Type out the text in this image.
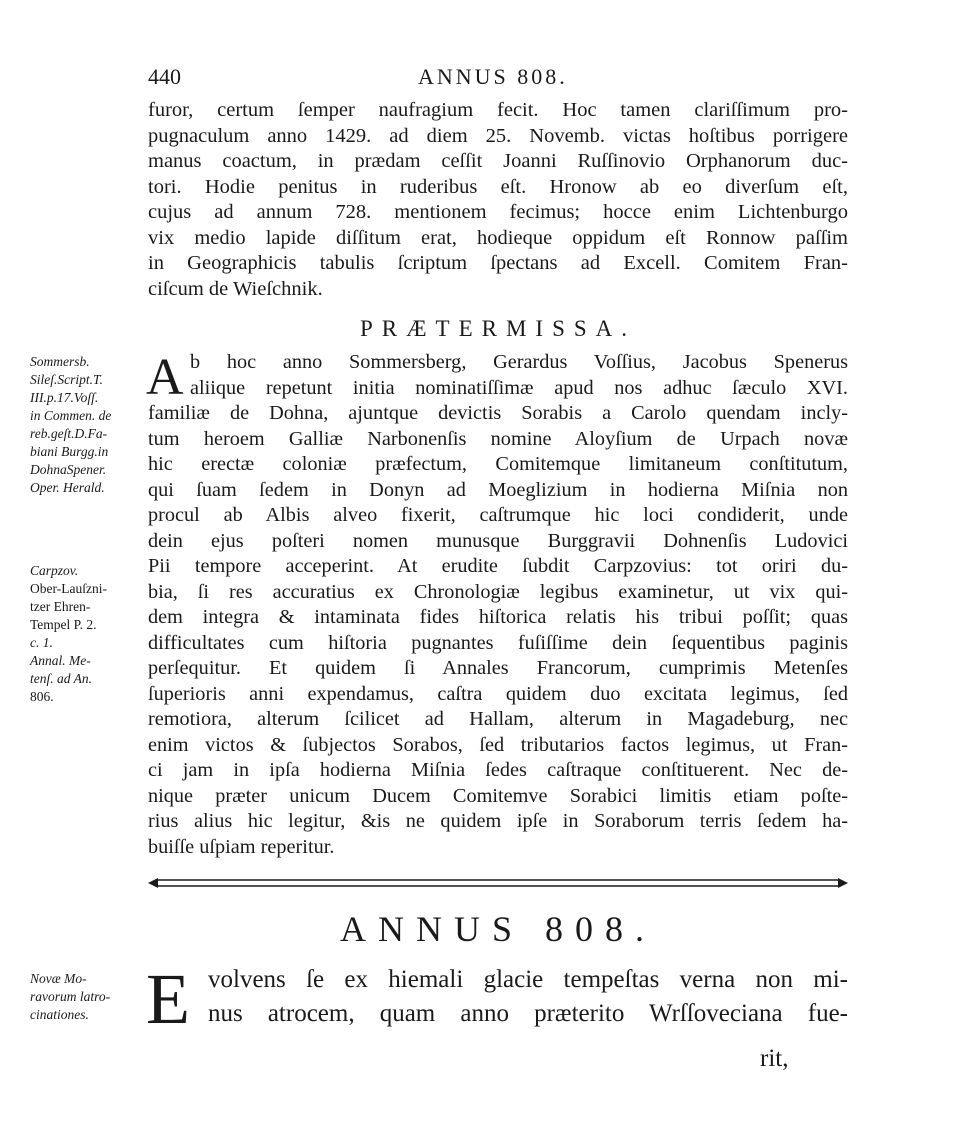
440	ANNUS 808.
furor, certum ſemper naufragium fecit. Hoc tamen clariſſimum pro-
pugnaculum anno 1429. ad diem 25. Novemb. victas hoſtibus porrigere
manus coactum, in prædam ceſſit Joanni Ruſſinovio Orphanorum duc-
tori. Hodie penitus in ruderibus eſt. Hronow ab eo diverſum eſt,
cujus ad annum 728. mentionem fecimus; hocce enim Lichtenburgo
vix medio lapide diſſitum erat, hodieque oppidum eſt Ronnow paſſim
in Geographicis tabulis ſcriptum ſpectans ad Excell. Comitem Fran-
ciſcum de Wieſchnik.
PRÆTERMISSA.
Sommersb.
Sileſ.Script.T.
III.p.17.Voſſ.
in Commen. de
reb.geſt.D.Fa-
biani Burgg.in
DohnaSpener.
Oper. Herald.
A b hoc anno Sommersberg, Gerardus Voſſius, Jacobus Spenerus
aliique repetunt initia nominatiſſimæ apud nos adhuc ſæculo XVI.
familiæ de Dohna, ajuntque devictis Sorabis a Carolo quendam incly-
tum heroem Galliæ Narbonenſis nomine Aloyſium de Urpach novæ
hic erectæ coloniæ præfectum, Comitemque limitaneum conſtitutum,
qui ſuam ſedem in Donyn ad Moeglizium in hodierna Miſnia non
procul ab Albis alveo fixerit, caſtrumque hic loci condiderit, unde
dein ejus poſteri nomen munusque Burggravii Dohnenſis Ludovici
Pii tempore acceperint. At erudite ſubdit Carpzovius: tot oriri du-
bia, ſi res accuratius ex Chronologiæ legibus examinetur, ut vix qui-
dem integra & intaminata fides hiſtorica relatis his tribui poſſit; quas
difficultates cum hiſtoria pugnantes fuſiſſime dein ſequentibus paginis
perſequitur. Et quidem ſi Annales Francorum, cumprimis Metenſes
ſuperioris anni expendamus, caſtra quidem duo excitata legimus, ſed
remotiora, alterum ſcilicet ad Hallam, alterum in Magadeburg, nec
enim victos & ſubjectos Sorabos, ſed tributarios factos legimus, ut Fran-
ci jam in ipſa hodierna Miſnia ſedes caſtraque conſtituerent. Nec de-
nique præter unicum Ducem Comitemve Sorabici limitis etiam poſte-
rius alius hic legitur, &is ne quidem ipſe in Soraborum terris ſedem ha-
buiſſe uſpiam reperitur.
Carpzov.
Ober-Lauſzni-
tzer Ehren-
Tempel P. 2.
c. 1.
Annal. Me-
tenſ. ad An.
806.
ANNUS 808.
Novæ Mo-
ravorum latro-
cinationes. E volvens ſe ex hiemali glacie tempeſtas verna non mi-
nus atrocem, quam anno præterito Wrſſoveciana fue-
rit,
